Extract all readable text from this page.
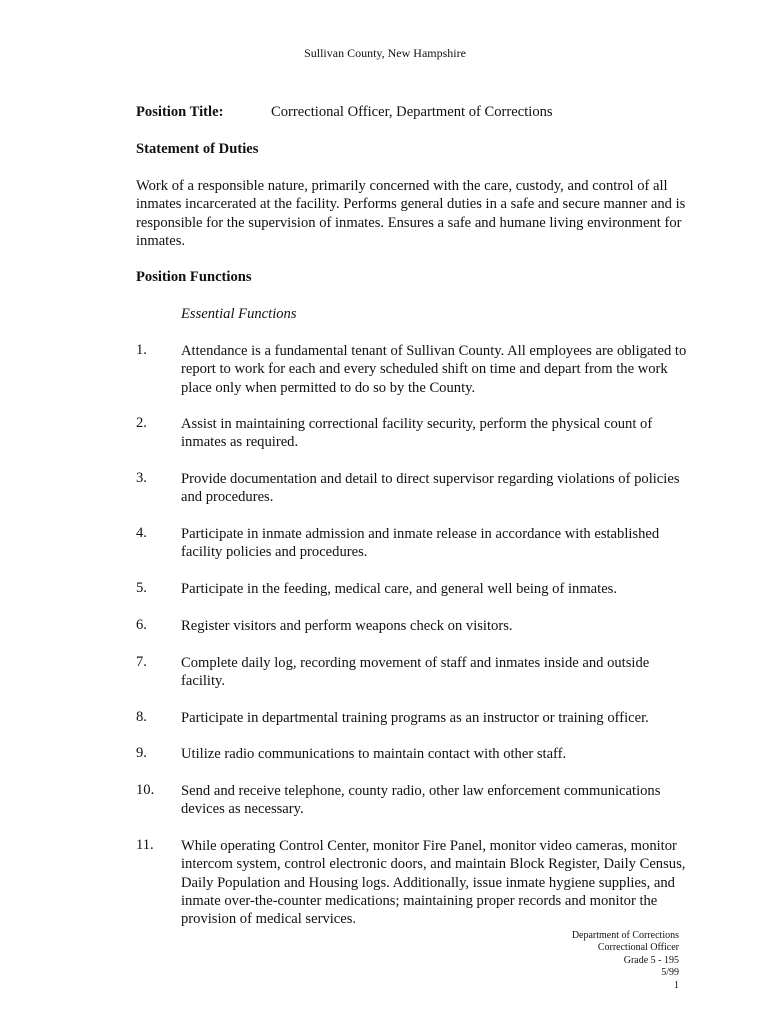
Sullivan County, New Hampshire
Position Title:	Correctional Officer, Department of Corrections
Statement of Duties
Work of a responsible nature, primarily concerned with the care, custody, and control of all inmates incarcerated at the facility. Performs general duties in a safe and secure manner and is responsible for the supervision of inmates. Ensures a safe and humane living environment for inmates.
Position Functions
Essential Functions
1. Attendance is a fundamental tenant of Sullivan County. All employees are obligated to report to work for each and every scheduled shift on time and depart from the work place only when permitted to do so by the County.
2. Assist in maintaining correctional facility security, perform the physical count of inmates as required.
3. Provide documentation and detail to direct supervisor regarding violations of policies and procedures.
4. Participate in inmate admission and inmate release in accordance with established facility policies and procedures.
5. Participate in the feeding, medical care, and general well being of inmates.
6. Register visitors and perform weapons check on visitors.
7. Complete daily log, recording movement of staff and inmates inside and outside facility.
8. Participate in departmental training programs as an instructor or training officer.
9. Utilize radio communications to maintain contact with other staff.
10. Send and receive telephone, county radio, other law enforcement communications devices as necessary.
11. While operating Control Center, monitor Fire Panel, monitor video cameras, monitor intercom system, control electronic doors, and maintain Block Register, Daily Census, Daily Population and Housing logs. Additionally, issue inmate hygiene supplies, and inmate over-the-counter medications; maintaining proper records and monitor the provision of medical services.
Department of Corrections
Correctional Officer
Grade 5 - 195
5/99
1
